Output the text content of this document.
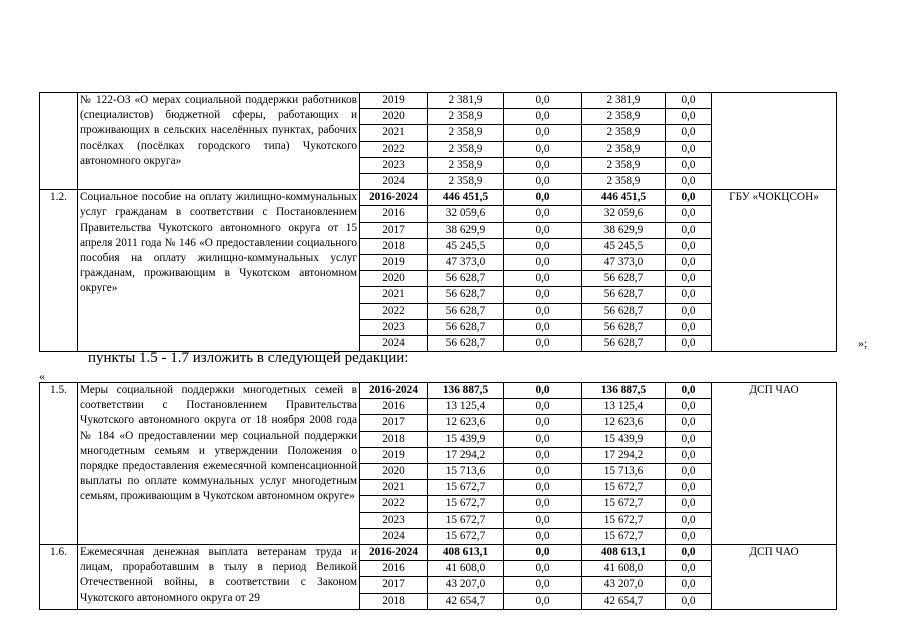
	№ 122-ОЗ «О мерах социальной поддержки работников (специалистов) бюджетной сферы, работающих и проживающих в сельских населённых пунктах, рабочих посёлках (посёлках городского типа) Чукотского автономного округа»	2019	2 381,9	0,0	2 381,9	0,0	
		2020	2 358,9	0,0	2 358,9	0,0	
		2021	2 358,9	0,0	2 358,9	0,0	
		2022	2 358,9	0,0	2 358,9	0,0	
		2023	2 358,9	0,0	2 358,9	0,0	
		2024	2 358,9	0,0	2 358,9	0,0	
1.2.	Социальное пособие на оплату жилищно-коммунальных услуг гражданам в соответствии с Постановлением Правительства Чукотского автономного округа от 15 апреля 2011 года № 146 «О предоставлении социального пособия на оплату жилищно-коммунальных услуг гражданам, проживающим в Чукотском автономном округе»	2016-2024	446 451,5	0,0	446 451,5	0,0	ГБУ «ЧОКЦСОН»
		2016	32 059,6	0,0	32 059,6	0,0	
		2017	38 629,9	0,0	38 629,9	0,0	
		2018	45 245,5	0,0	45 245,5	0,0	
		2019	47 373,0	0,0	47 373,0	0,0	
		2020	56 628,7	0,0	56 628,7	0,0	
		2021	56 628,7	0,0	56 628,7	0,0	
		2022	56 628,7	0,0	56 628,7	0,0	
		2023	56 628,7	0,0	56 628,7	0,0	
		2024	56 628,7	0,0	56 628,7	0,0		»;
пункты 1.5 - 1.7 изложить в следующей редакции:
«
1.5.	Меры социальной поддержки многодетных семей в соответствии с Постановлением Правительства Чукотского автономного округа от 18 ноября 2008 года № 184 «О предоставлении мер социальной поддержки многодетным семьям и утверждении Положения о порядке предоставления ежемесячной компенсационной выплаты по оплате коммунальных услуг многодетным семьям, проживающим в Чукотском автономном округе»	2016-2024	136 887,5	0,0	136 887,5	0,0	ДСП ЧАО
		2016	13 125,4	0,0	13 125,4	0,0	
		2017	12 623,6	0,0	12 623,6	0,0	
		2018	15 439,9	0,0	15 439,9	0,0	
		2019	17 294,2	0,0	17 294,2	0,0	
		2020	15 713,6	0,0	15 713,6	0,0	
		2021	15 672,7	0,0	15 672,7	0,0	
		2022	15 672,7	0,0	15 672,7	0,0	
		2023	15 672,7	0,0	15 672,7	0,0	
		2024	15 672,7	0,0	15 672,7	0,0	
1.6.	Ежемесячная денежная выплата ветеранам труда и лицам, проработавшим в тылу в период Великой Отечественной войны, в соответствии с Законом Чукотского автономного округа от 29	2016-2024	408 613,1	0,0	408 613,1	0,0	ДСП ЧАО
		2016	41 608,0	0,0	41 608,0	0,0	
		2017	43 207,0	0,0	43 207,0	0,0	
		2018	42 654,7	0,0	42 654,7	0,0	
